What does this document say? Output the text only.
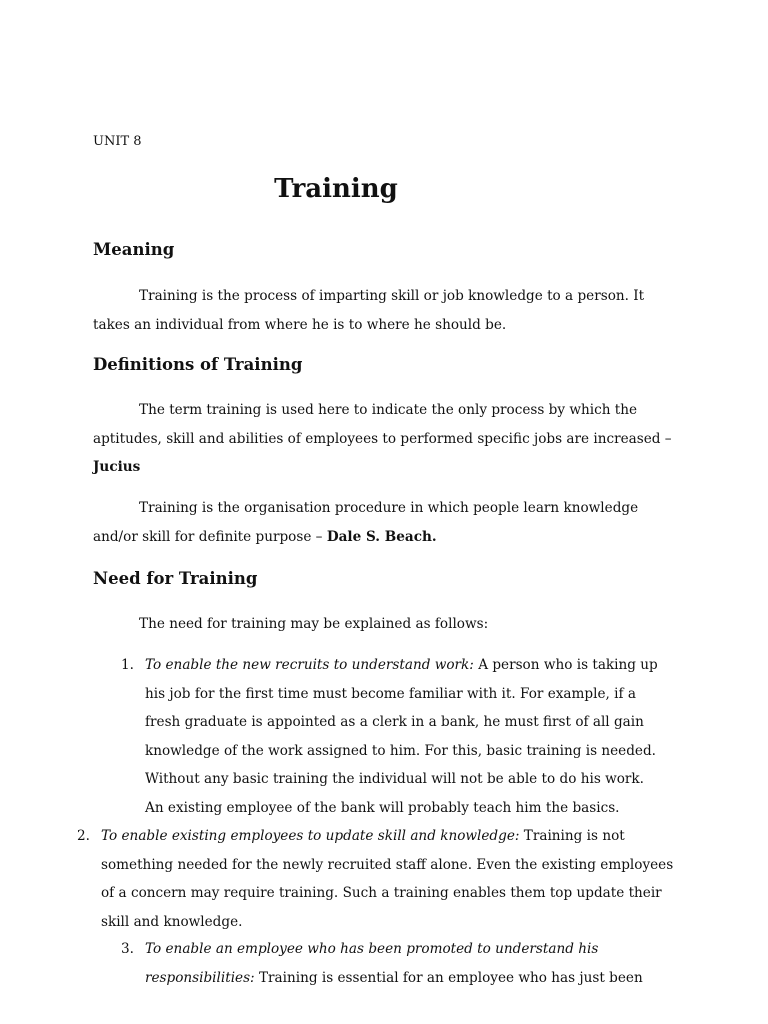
UNIT 8
Training
Meaning

Training is the process of imparting skill or job knowledge to a person. It takes an individual from where he is to where he should be.

Definitions of Training

The term training is used here to indicate the only process by which the aptitudes, skill and abilities of employees to performed specific jobs are increased – Jucius

Training is the organisation procedure in which people learn knowledge and/or skill for definite purpose – Dale S. Beach.

Need for Training

The need for training may be explained as follows:

1. To enable the new recruits to understand work: A person who is taking up his job for the first time must become familiar with it. For example, if a fresh graduate is appointed as a clerk in a bank, he must first of all gain knowledge of the work assigned to him. For this, basic training is needed. Without any basic training the individual will not be able to do his work. An existing employee of the bank will probably teach him the basics.
2. To enable existing employees to update skill and knowledge: Training is not something needed for the newly recruited staff alone. Even the existing employees of a concern may require training. Such a training enables them top update their skill and knowledge.
3. To enable an employee who has been promoted to understand his responsibilities: Training is essential for an employee who has just been
